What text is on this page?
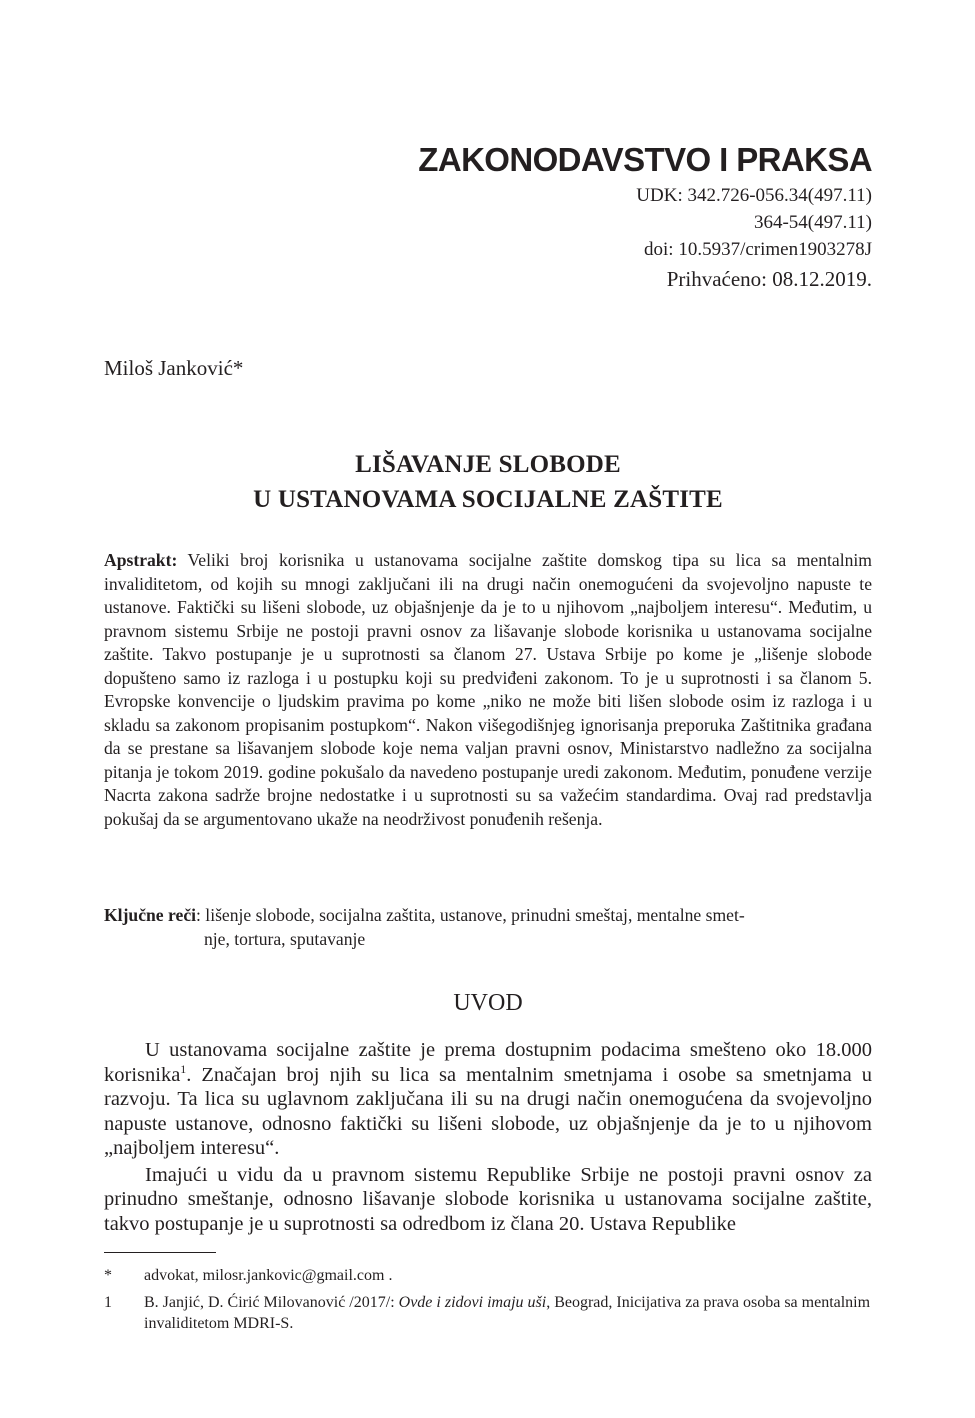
ZAKONODAVSTVO I PRAKSA
UDK: 342.726-056.34(497.11)
364-54(497.11)
doi: 10.5937/crimen1903278J
Prihvaćeno: 08.12.2019.
Miloš Janković*
LIŠAVANJE SLOBODE
U USTANOVAMA SOCIJALNE ZAŠTITE
Apstrakt: Veliki broj korisnika u ustanovama socijalne zaštite domskog tipa su lica sa mentalnim invaliditetom, od kojih su mnogi zaključani ili na drugi način onemogućeni da svojevoljno napuste te ustanove. Faktički su lišeni slobode, uz objašnjenje da je to u njihovom „najboljem interesu“. Međutim, u pravnom sistemu Srbije ne postoji pravni osnov za lišavanje slobode korisnika u ustanovama socijalne zaštite. Takvo postupanje je u suprotnosti sa članom 27. Ustava Srbije po kome je „lišenje slobode dopušteno samo iz razloga i u postupku koji su predviđeni zakonom. To je u suprotnosti i sa članom 5. Evropske konvencije o ljudskim pravima po kome „niko ne može biti lišen slobode osim iz razloga i u skladu sa zakonom propisanim postupkom“. Nakon višegodišnjeg ignorisanja preporuka Zaštitnika građana da se prestane sa lišavanjem slobode koje nema valjan pravni osnov, Ministarstvo nadležno za socijalna pitanja je tokom 2019. godine pokušalo da navedeno postupanje uredi zakonom. Međutim, ponuđene verzije Nacrta zakona sadrže brojne nedostatke i u suprotnosti su sa važećim standardima. Ovaj rad predstavlja pokušaj da se argumentovano ukaže na neodrživost ponuđenih rešenja.
Ključne reči: lišenje slobode, socijalna zaštita, ustanove, prinudni smeštaj, mentalne smet-
nje, tortura, sputavanje
UVOD

U ustanovama socijalne zaštite je prema dostupnim podacima smešteno oko 18.000 korisnika$^1$. Značajan broj njih su lica sa mentalnim smetnjama i osobe sa smetnjama u razvoju. Ta lica su uglavnom zaključana ili su na drugi način onemogućena da svojevoljno napuste ustanove, odnosno faktički su lišeni slobode, uz objašnjenje da je to u njihovom „najboljem interesu“.

Imajući u vidu da u pravnom sistemu Republike Srbije ne postoji pravni osnov za prinudno smeštanje, odnosno lišavanje slobode korisnika u ustanovama socijalne zaštite, takvo postupanje je u suprotnosti sa odredbom iz člana 20. Ustava Republike

* advokat, milosr.jankovic@gmail.com .
1 B. Janjić, D. Ćirić Milovanović /2017/: Ovde i zidovi imaju uši, Beograd, Inicijativa za prava osoba sa mentalnim invaliditetom MDRI-S.
